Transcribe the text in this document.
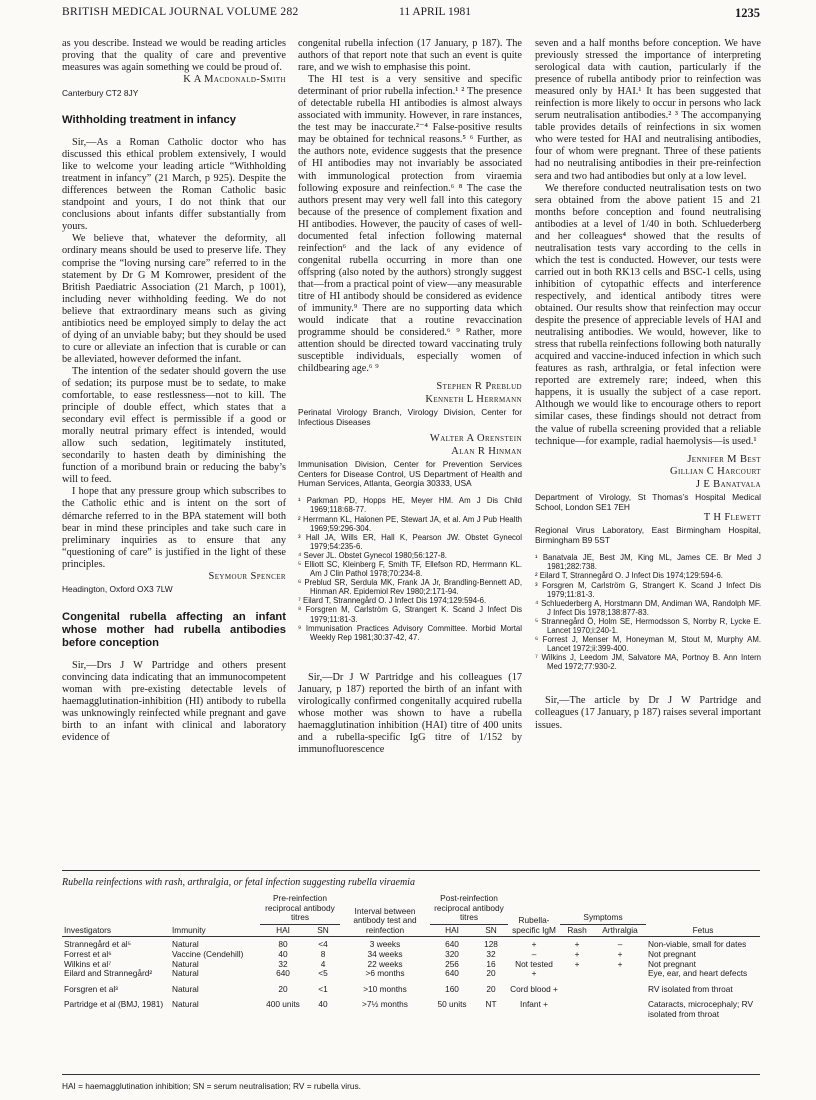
BRITISH MEDICAL JOURNAL VOLUME 282	11 APRIL 1981	1235

as you describe. Instead we would be reading articles proving that the quality of care and preventive measures was again something we could be proud of.

K A Macdonald-Smith
Canterbury CT2 8JY
Withholding treatment in infancy

Sir,—As a Roman Catholic doctor who has discussed this ethical problem extensively, I would like to welcome your leading article “Withholding treatment in infancy” (21 March, p 925). Despite the differences between the Roman Catholic basic standpoint and yours, I do not think that our conclusions about infants differ substantially from yours.

We believe that, whatever the deformity, all ordinary means should be used to preserve life. They comprise the “loving nursing care” referred to in the statement by Dr G M Komrower, president of the British Paediatric Association (21 March, p 1001), including never withholding feeding. We do not believe that extraordinary means such as giving antibiotics need be employed simply to delay the act of dying of an unviable baby; but they should be used to cure or alleviate an infection that is curable or can be alleviated, however deformed the infant.

The intention of the sedater should govern the use of sedation; its purpose must be to sedate, to make comfortable, to ease restlessness—not to kill. The principle of double effect, which states that a secondary evil effect is permissible if a good or morally neutral primary effect is intended, would allow such sedation, legitimately instituted, secondarily to hasten death by diminishing the function of a moribund brain or reducing the baby’s will to feed.

I hope that any pressure group which subscribes to the Catholic ethic and is intent on the sort of démarche referred to in the BPA statement will both bear in mind these principles and take such care in preliminary inquiries as to ensure that any “questioning of care” is justified in the light of these principles.

Seymour Spencer
Headington, Oxford OX3 7LW
Congenital rubella affecting an infant whose mother had rubella antibodies before conception

Sir,—Drs J W Partridge and others present convincing data indicating that an immunocompetent woman with pre-existing detectable levels of haemagglutination-inhibition (HI) antibody to rubella was unknowingly reinfected while pregnant and gave birth to an infant with clinical and laboratory evidence of

congenital rubella infection (17 January, p 187). The authors of that report note that such an event is quite rare, and we wish to emphasise this point.

The HI test is a very sensitive and specific determinant of prior rubella infection.¹ ² The presence of detectable rubella HI antibodies is almost always associated with immunity. However, in rare instances, the test may be inaccurate.²⁻⁴ False-positive results may be obtained for technical reasons.⁵ ⁶ Further, as the authors note, evidence suggests that the presence of HI antibodies may not invariably be associated with immunological protection from viraemia following exposure and reinfection.⁶ ⁸ The case the authors present may very well fall into this category because of the presence of complement fixation and HI antibodies. However, the paucity of cases of well-documented fetal infection following maternal reinfection⁶ and the lack of any evidence of congenital rubella occurring in more than one offspring (also noted by the authors) strongly suggest that—from a practical point of view—any measurable titre of HI antibody should be considered as evidence of immunity.⁹ There are no supporting data which would indicate that a routine revaccination programme should be considered.⁶ ⁹ Rather, more attention should be directed toward vaccinating truly susceptible individuals, especially women of childbearing age.⁶ ⁹

Stephen R Preblud
Kenneth L Herrmann
Perinatal Virology Branch, Virology Division, Center for Infectious Diseases
Walter A Orenstein
Alan R Hinman
Immunisation Division, Center for Prevention Services Centers for Disease Control, US Department of Health and Human Services, Atlanta, Georgia 30333, USA
¹ Parkman PD, Hopps HE, Meyer HM. Am J Dis Child 1969;118:68-77.
² Herrmann KL, Halonen PE, Stewart JA, et al. Am J Pub Health 1969;59:296-304.
³ Hall JA, Wills ER, Hall K, Pearson JW. Obstet Gynecol 1979;54:235-6.
⁴ Sever JL. Obstet Gynecol 1980;56:127-8.
⁵ Elliott SC, Kleinberg F, Smith TF, Ellefson RD, Herrmann KL. Am J Clin Pathol 1978;70:234-8.
⁶ Preblud SR, Serdula MK, Frank JA Jr, Brandling-Bennett AD, Hinman AR. Epidemiol Rev 1980;2:171-94.
⁷ Eilard T, Strannegård O. J Infect Dis 1974;129:594-6.
⁸ Forsgren M, Carlström G, Strangert K. Scand J Infect Dis 1979;11:81-3.
⁹ Immunisation Practices Advisory Committee. Morbid Mortal Weekly Rep 1981;30:37-42, 47.

Sir,—Dr J W Partridge and his colleagues (17 January, p 187) reported the birth of an infant with virologically confirmed congenitally acquired rubella whose mother was shown to have a rubella haemagglutination inhibition (HAI) titre of 400 units and a rubella-specific IgG titre of 1/152 by immunofluorescence

seven and a half months before conception. We have previously stressed the importance of interpreting serological data with caution, particularly if the presence of rubella antibody prior to reinfection was measured only by HAI.¹ It has been suggested that reinfection is more likely to occur in persons who lack serum neutralisation antibodies.² ³ The accompanying table provides details of reinfections in six women who were tested for HAI and neutralising antibodies, four of whom were pregnant. Three of these patients had no neutralising antibodies in their pre-reinfection sera and two had antibodies but only at a low level.

We therefore conducted neutralisation tests on two sera obtained from the above patient 15 and 21 months before conception and found neutralising antibodies at a level of 1/40 in both. Schluederberg and her colleagues⁴ showed that the results of neutralisation tests vary according to the cells in which the test is conducted. However, our tests were carried out in both RK13 cells and BSC-1 cells, using inhibition of cytopathic effects and interference respectively, and identical antibody titres were obtained. Our results show that reinfection may occur despite the presence of appreciable levels of HAI and neutralising antibodies. We would, however, like to stress that rubella reinfections following both naturally acquired and vaccine-induced infection in which such features as rash, arthralgia, or fetal infection were reported are extremely rare; indeed, when this happens, it is usually the subject of a case report. Although we would like to encourage others to report similar cases, these findings should not detract from the value of rubella screening provided that a reliable technique—for example, radial haemolysis—is used.¹

Jennifer M Best
Gillian C Harcourt
J E Banatvala
Department of Virology, St Thomas’s Hospital Medical School, London SE1 7EH
T H Flewett
Regional Virus Laboratory, East Birmingham Hospital, Birmingham B9 5ST
¹ Banatvala JE, Best JM, King ML, James CE. Br Med J 1981;282:738.
² Eilard T, Strannegård O. J Infect Dis 1974;129:594-6.
³ Forsgren M, Carlström G, Strangert K. Scand J Infect Dis 1979;11:81-3.
⁴ Schluederberg A, Horstmann DM, Andiman WA, Randolph MF. J Infect Dis 1978;138:877-83.
⁵ Strannegård Ö, Holm SE, Hermodsson S, Norrby R, Lycke E. Lancet 1970;i:240-1.
⁶ Forrest J, Menser M, Honeyman M, Stout M, Murphy AM. Lancet 1972;ii:399-400.
⁷ Wilkins J, Leedom JM, Salvatore MA, Portnoy B. Ann Intern Med 1972;77:930-2.

Sir,—The article by Dr J W Partridge and colleagues (17 January, p 187) raises several important issues.

Rubella reinfections with rash, arthralgia, or fetal infection suggesting rubella viraemia
Investigators	Immunity	Pre-reinfection reciprocal antibody titres		Interval between antibody test and reinfection	Post-reinfection reciprocal antibody titres		Rubella-specific IgM	Symptoms		Fetus
		HAI	SN		HAI	SN		Rash	Arthralgia	

Strannegård et al⁵	Natural	80	<4	3 weeks	640	128	+	+	–	Non-viable, small for dates
Forrest et al⁶	Vaccine (Cendehill)	40	8	34 weeks	320	32	–	+	+	Not pregnant
Wilkins et al⁷	Natural	32	4	22 weeks	256	16	Not tested	+	+	Not pregnant
Eilard and Strannegård²	Natural	640	<5	>6 months	640	20	+			Eye, ear, and heart defects

Forsgren et al³	Natural	20	<1	>10 months	160	20	Cord blood +			RV isolated from throat

Partridge et al (BMJ, 1981)	Natural	400 units	40	>7½ months	50 units	NT	Infant +			Cataracts, microcephaly; RV isolated from throat
HAI = haemagglutination inhibition; SN = serum neutralisation; RV = rubella virus.
